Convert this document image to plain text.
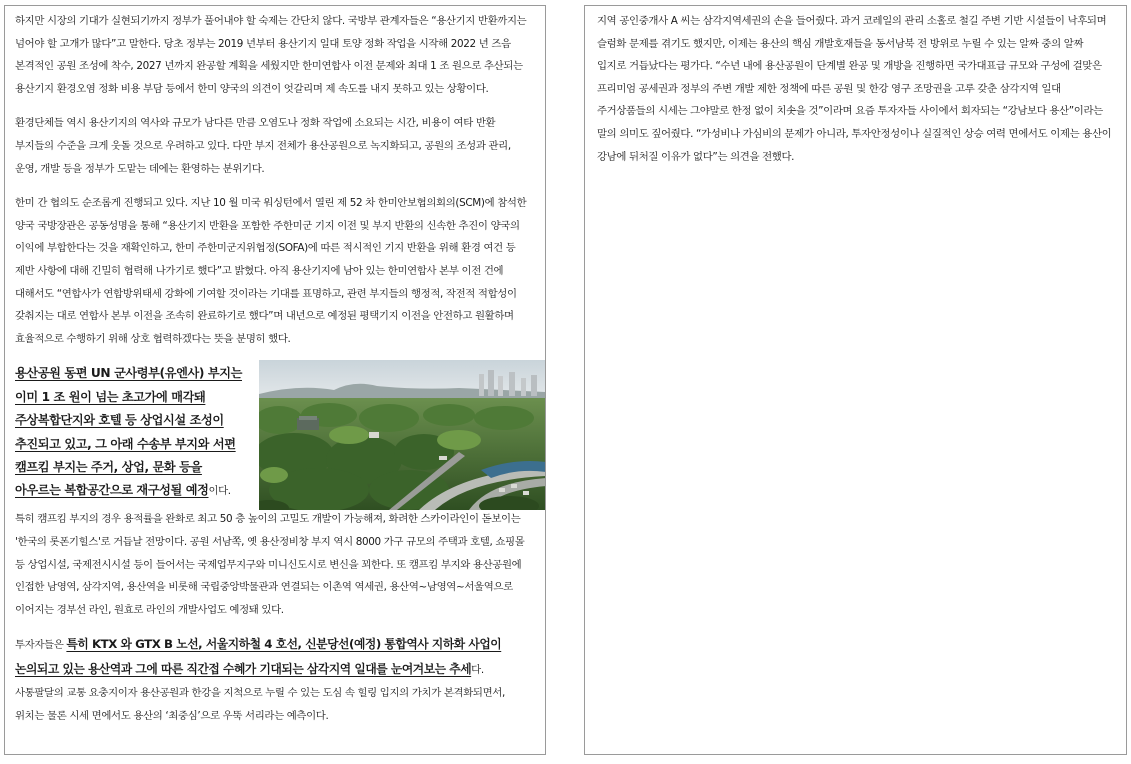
하지만 시장의 기대가 실현되기까지 정부가 풀어내야 할 숙제는 간단치 않다. 국방부 관계자들은 “용산기지 반환까지는 넘어야 할 고개가 많다”고 말한다. 당초 정부는 2019 년부터 용산기지 일대 토양 정화 작업을 시작해 2022 년 즈음 본격적인 공원 조성에 착수, 2027 년까지 완공할 계획을 세웠지만 한미연합사 이전 문제와 최대 1 조 원으로 추산되는 용산기지 환경오염 정화 비용 부담 등에서 한미 양국의 의견이 엇갈리며 제 속도를 내지 못하고 있는 상황이다.

환경단체들 역시 용산기지의 역사와 규모가 남다른 만큼 오염도나 정화 작업에 소요되는 시간, 비용이 여타 반환 부지들의 수준을 크게 웃돌 것으로 우려하고 있다. 다만 부지 전체가 용산공원으로 녹지화되고, 공원의 조성과 관리, 운영, 개발 등을 정부가 도맡는 데에는 환영하는 분위기다.

한미 간 협의도 순조롭게 진행되고 있다. 지난 10 월 미국 워싱턴에서 열린 제 52 차 한미안보협의회의(SCM)에 참석한 양국 국방장관은 공동성명을 통해 “용산기지 반환을 포함한 주한미군 기지 이전 및 부지 반환의 신속한 추진이 양국의 이익에 부합한다는 것을 재확인하고, 한미 주한미군지위협정(SOFA)에 따른 적시적인 기지 반환을 위해 환경 여건 등 제반 사항에 대해 긴밀히 협력해 나가기로 했다”고 밝혔다. 아직 용산기지에 남아 있는 한미연합사 본부 이전 건에 대해서도 “연합사가 연합방위태세 강화에 기여할 것이라는 기대를 표명하고, 관련 부지들의 행정적, 작전적 적합성이 갖춰지는 대로 연합사 본부 이전을 조속히 완료하기로 했다”며 내년으로 예정된 평택기지 이전을 안전하고 원활하며 효율적으로 수행하기 위해 상호 협력하겠다는 뜻을 분명히 했다.

용산공원 동편 UN 군사령부(유엔사) 부지는
이미 1 조 원이 넘는 초고가에 매각돼
주상복합단지와 호텔 등 상업시설 조성이
추진되고 있고, 그 아래 수송부 부지와 서편
캠프킴 부지는 주거, 상업, 문화 등을
아우르는 복합공간으로 재구성될 예정이다.

특히 캠프킴 부지의 경우 용적률을 완화로 최고 50 층 높이의 고밀도 개발이 가능해져, 화려한 스카이라인이 돋보이는 '한국의 롯폰기힐스'로 거듭날 전망이다. 공원 서남쪽, 옛 용산정비창 부지 역시 8000 가구 규모의 주택과 호텔, 쇼핑몰 등 상업시설, 국제전시시설 등이 들어서는 국제업무지구와 미니신도시로 변신을 꾀한다. 또 캠프킴 부지와 용산공원에 인접한 남영역, 삼각지역, 용산역을 비롯해 국립중앙박물관과 연결되는 이촌역 역세권, 용산역~남영역~서울역으로 이어지는 경부선 라인, 원효로 라인의 개발사업도 예정돼 있다.

투자자들은 특히 KTX 와 GTX B 노선, 서울지하철 4 호선, 신분당선(예정) 통합역사 지하화 사업이
논의되고 있는 용산역과 그에 따른 직간접 수혜가 기대되는 삼각지역 일대를 눈여겨보는 추세다.

사통팔달의 교통 요충지이자 용산공원과 한강을 지척으로 누릴 수 있는 도심 속 힐링 입지의 가치가 본격화되면서, 위치는 물론 시세 면에서도 용산의 ‘최중심’으로 우뚝 서리라는 예측이다.

지역 공인중개사 A 씨는 삼각지역세권의 손을 들어줬다. 과거 코레일의 관리 소홀로 철길 주변 기반 시설들이 낙후되며 슬럼화 문제를 겪기도 했지만, 이제는 용산의 핵심 개발호재들을 동서남북 전 방위로 누릴 수 있는 알짜 중의 알짜 입지로 거듭났다는 평가다. “수년 내에 용산공원이 단계별 완공 및 개방을 진행하면 국가대표급 규모와 구성에 걸맞은 프리미엄 공세권과 정부의 주변 개발 제한 정책에 따른 공원 및 한강 영구 조망권을 고루 갖춘 삼각지역 일대 주거상품들의 시세는 그야말로 한정 없이 치솟을 것”이라며 요즘 투자자들 사이에서 회자되는 “강남보다 용산”이라는 말의 의미도 짚어줬다. “가성비나 가심비의 문제가 아니라, 투자안정성이나 실질적인 상승 여력 면에서도 이제는 용산이 강남에 뒤처질 이유가 없다”는 의견을 전했다.
